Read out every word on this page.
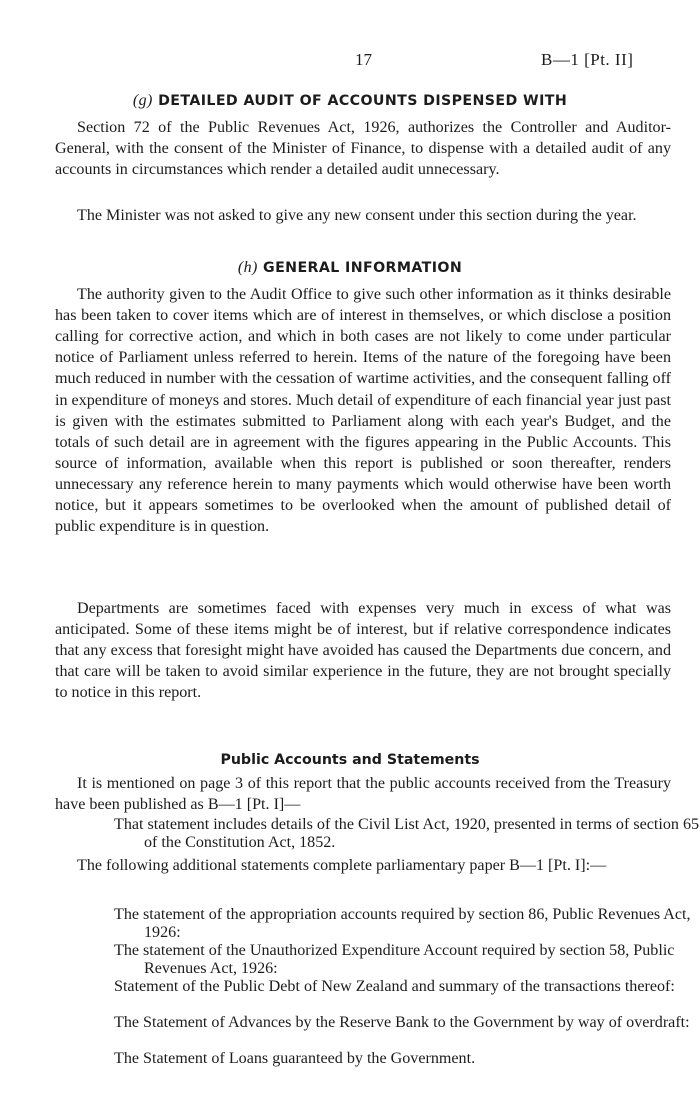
17	B—1 [Pt. II]
(g) DETAILED AUDIT OF ACCOUNTS DISPENSED WITH

Section 72 of the Public Revenues Act, 1926, authorizes the Controller and Auditor-General, with the consent of the Minister of Finance, to dispense with a detailed audit of any accounts in circumstances which render a detailed audit unnecessary.

The Minister was not asked to give any new consent under this section during the year.

(h) GENERAL INFORMATION

The authority given to the Audit Office to give such other information as it thinks desirable has been taken to cover items which are of interest in themselves, or which disclose a position calling for corrective action, and which in both cases are not likely to come under particular notice of Parliament unless referred to herein. Items of the nature of the foregoing have been much reduced in number with the cessation of wartime activities, and the consequent falling off in expenditure of moneys and stores. Much detail of expenditure of each financial year just past is given with the estimates submitted to Parliament along with each year's Budget, and the totals of such detail are in agreement with the figures appearing in the Public Accounts. This source of information, available when this report is published or soon thereafter, renders unnecessary any reference herein to many payments which would otherwise have been worth notice, but it appears sometimes to be overlooked when the amount of published detail of public expenditure is in question.

Departments are sometimes faced with expenses very much in excess of what was anticipated. Some of these items might be of interest, but if relative correspondence indicates that any excess that foresight might have avoided has caused the Departments due concern, and that care will be taken to avoid similar experience in the future, they are not brought specially to notice in this report.

Public Accounts and Statements

It is mentioned on page 3 of this report that the public accounts received from the Treasury have been published as B—1 [Pt. I]—

That statement includes details of the Civil List Act, 1920, presented in terms of section 65 of the Constitution Act, 1852.

The following additional statements complete parliamentary paper B—1 [Pt. I]:—

The statement of the appropriation accounts required by section 86, Public Revenues Act, 1926:

The statement of the Unauthorized Expenditure Account required by section 58, Public Revenues Act, 1926:

Statement of the Public Debt of New Zealand and summary of the transactions thereof:

The Statement of Advances by the Reserve Bank to the Government by way of overdraft:

The Statement of Loans guaranteed by the Government.
